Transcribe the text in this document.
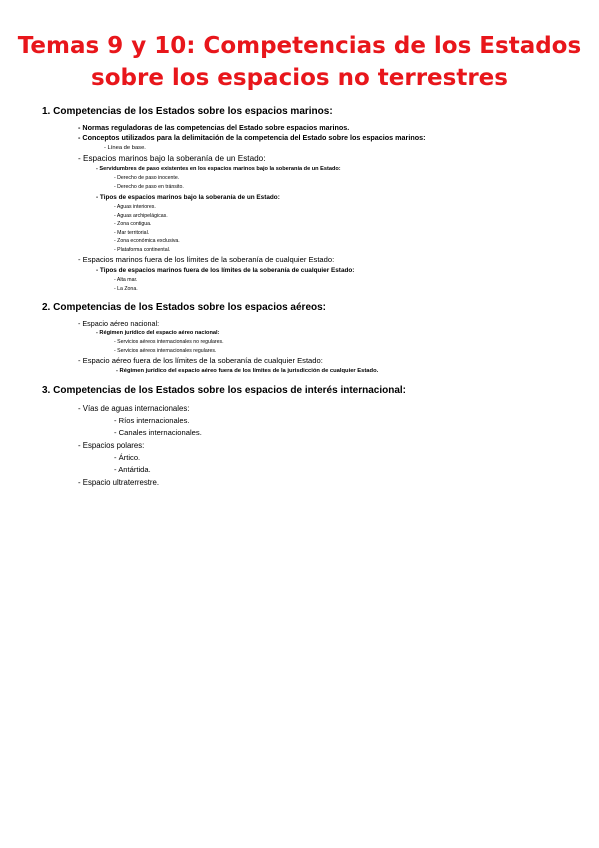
Temas 9 y 10: Competencias de los Estados
sobre los espacios no terrestres
1. Competencias de los Estados sobre los espacios marinos:
- Normas reguladoras de las competencias del Estado sobre espacios marinos.
- Conceptos utilizados para la delimitación de la competencia del Estado sobre los espacios marinos:
- Línea de base.
- Espacios marinos bajo la soberanía de un Estado:
- Servidumbres de paso existentes en los espacios marinos bajo la soberanía de un Estado:
- Derecho de paso inocente.
- Derecho de paso en tránsito.
- Tipos de espacios marinos bajo la soberanía de un Estado:
- Aguas interiores.
- Aguas archipelágicas.
- Zona contigua.
- Mar territorial.
- Zona económica exclusiva.
- Plataforma continental.
- Espacios marinos fuera de los límites de la soberanía de cualquier Estado:
- Tipos de espacios marinos fuera de los límites de la soberanía de cualquier Estado:
- Alta mar.
- La Zona.
2. Competencias de los Estados sobre los espacios aéreos:
- Espacio aéreo nacional:
- Régimen jurídico del espacio aéreo nacional:
- Servicios aéreos internacionales no regulares.
- Servicios aéreos internacionales regulares.
- Espacio aéreo fuera de los límites de la soberanía de cualquier Estado:
- Régimen jurídico del espacio aéreo fuera de los límites de la jurisdicción de cualquier Estado.
3. Competencias de los Estados sobre los espacios de interés internacional:
- Vías de aguas internacionales:
- Ríos internacionales.
- Canales internacionales.
- Espacios polares:
- Ártico.
- Antártida.
- Espacio ultraterrestre.
